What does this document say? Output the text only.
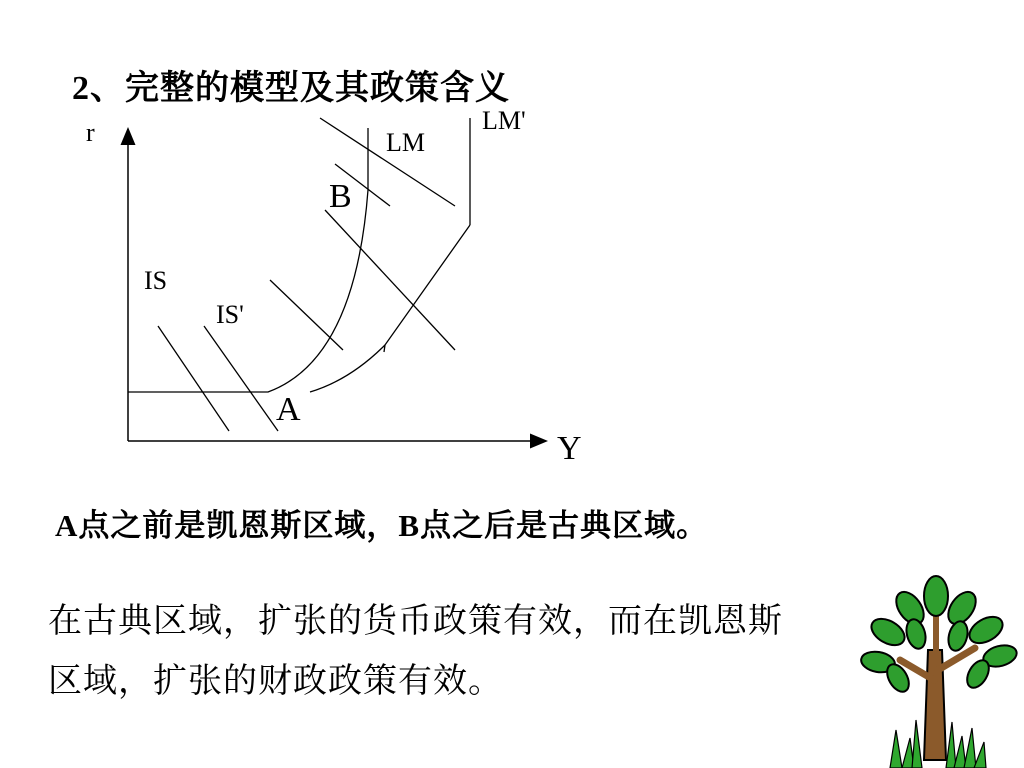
2、完整的模型及其政策含义
r
Y
LM
LM'
IS
IS'
B
A
A点之前是凯恩斯区域，B点之后是古典区域。
在古典区域，扩张的货币政策有效，而在凯恩斯
区域，扩张的财政政策有效。
